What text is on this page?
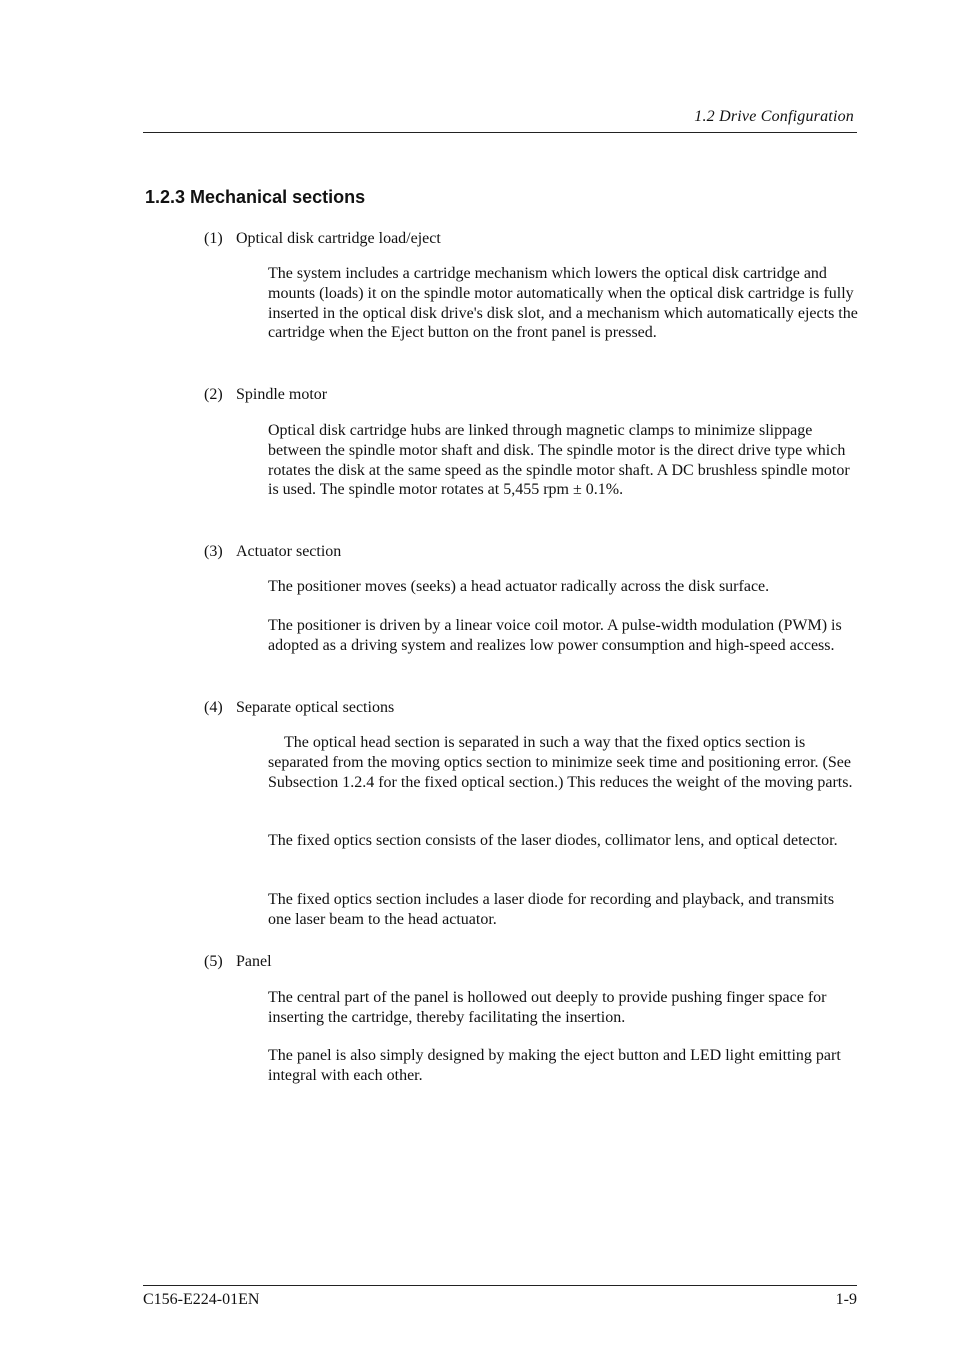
1.2 Drive Configuration
1.2.3 Mechanical sections
(1) Optical disk cartridge load/eject
The system includes a cartridge mechanism which lowers the optical disk cartridge and mounts (loads) it on the spindle motor automatically when the optical disk cartridge is fully inserted in the optical disk drive's disk slot, and a mechanism which automatically ejects the cartridge when the Eject button on the front panel is pressed.
(2) Spindle motor
Optical disk cartridge hubs are linked through magnetic clamps to minimize slippage between the spindle motor shaft and disk. The spindle motor is the direct drive type which rotates the disk at the same speed as the spindle motor shaft. A DC brushless spindle motor is used. The spindle motor rotates at 5,455 rpm ± 0.1%.
(3) Actuator section
The positioner moves (seeks) a head actuator radically across the disk surface.
The positioner is driven by a linear voice coil motor. A pulse-width modulation (PWM) is adopted as a driving system and realizes low power consumption and high-speed access.
(4) Separate optical sections
The optical head section is separated in such a way that the fixed optics section is separated from the moving optics section to minimize seek time and positioning error. (See Subsection 1.2.4 for the fixed optical section.) This reduces the weight of the moving parts.
The fixed optics section consists of the laser diodes, collimator lens, and optical detector.
The fixed optics section includes a laser diode for recording and playback, and transmits one laser beam to the head actuator.
(5) Panel
The central part of the panel is hollowed out deeply to provide pushing finger space for inserting the cartridge, thereby facilitating the insertion.
The panel is also simply designed by making the eject button and LED light emitting part integral with each other.
C156-E224-01EN	1-9
